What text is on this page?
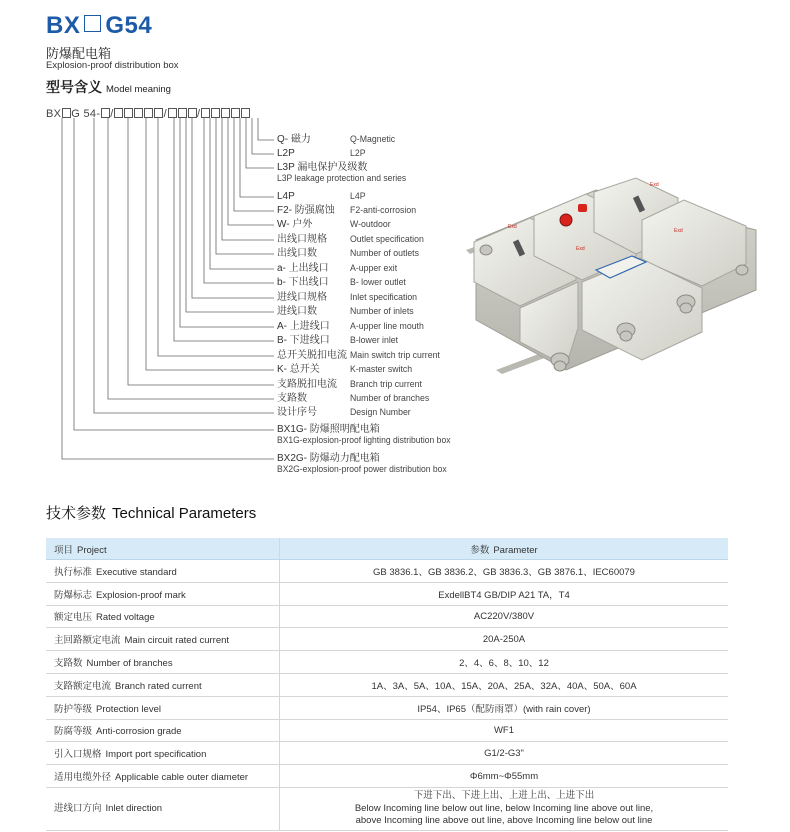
BX G54
防爆配电箱
Explosion-proof distribution box
型号含义 Model meaning
BX G 54- /	/	/
Q- 磁力	Q-Magnetic
L2P	L2P
L3P 漏电保护及级数
L3P leakage protection and series
L4P	L4P
F2- 防强腐蚀 F2-anti-corrosion
W- 户外	W-outdoor
出线口规格 Outlet specification
出线口数	Number of outlets
a- 上出线口 A-upper exit
b- 下出线口 B- lower outlet
进线口规格 Inlet specification
进线口数	Number of inlets
A- 上进线口 A-upper line mouth
B- 下进线口 B-lower inlet
总开关脱扣电流 Main switch trip current
K- 总开关	K-master switch
支路脱扣电流 Branch trip current
支路数	Number of branches
设计序号	Design Number
BX1G- 防爆照明配电箱
BX1G-explosion-proof lighting distribution box
BX2G- 防爆动力配电箱
BX2G-explosion-proof power distribution box
Exd
Exd
Exd
Exd
技术参数 Technical Parameters
项目 Project	参数 Parameter
执行标准 Executive standard	GB 3836.1、GB 3836.2、GB 3836.3、GB 3876.1、IEC60079
防爆标志 Explosion-proof mark	ExdellBT4 GB/DIP A21 TA，T4
额定电压 Rated voltage	AC220V/380V
主回路额定电流 Main circuit rated current	20A-250A
支路数 Number of branches	2、4、6、8、10、12
支路额定电流 Branch rated current	1A、3A、5A、10A、15A、20A、25A、32A、40A、50A、60A
防护等级 Protection level	IP54、IP65（配防雨罩）(with rain cover)
防腐等级 Anti-corrosion grade	WF1
引入口规格 Import port specification	G1/2-G3"
适用电缆外径 Applicable cable outer diameter	Φ6mm~Φ55mm
进线口方向 Inlet direction	下进下出、下进上出、上进上出、上进下出
Below Incoming line below out line, below Incoming line above out line,
above Incoming line above out line, above Incoming line below out line
